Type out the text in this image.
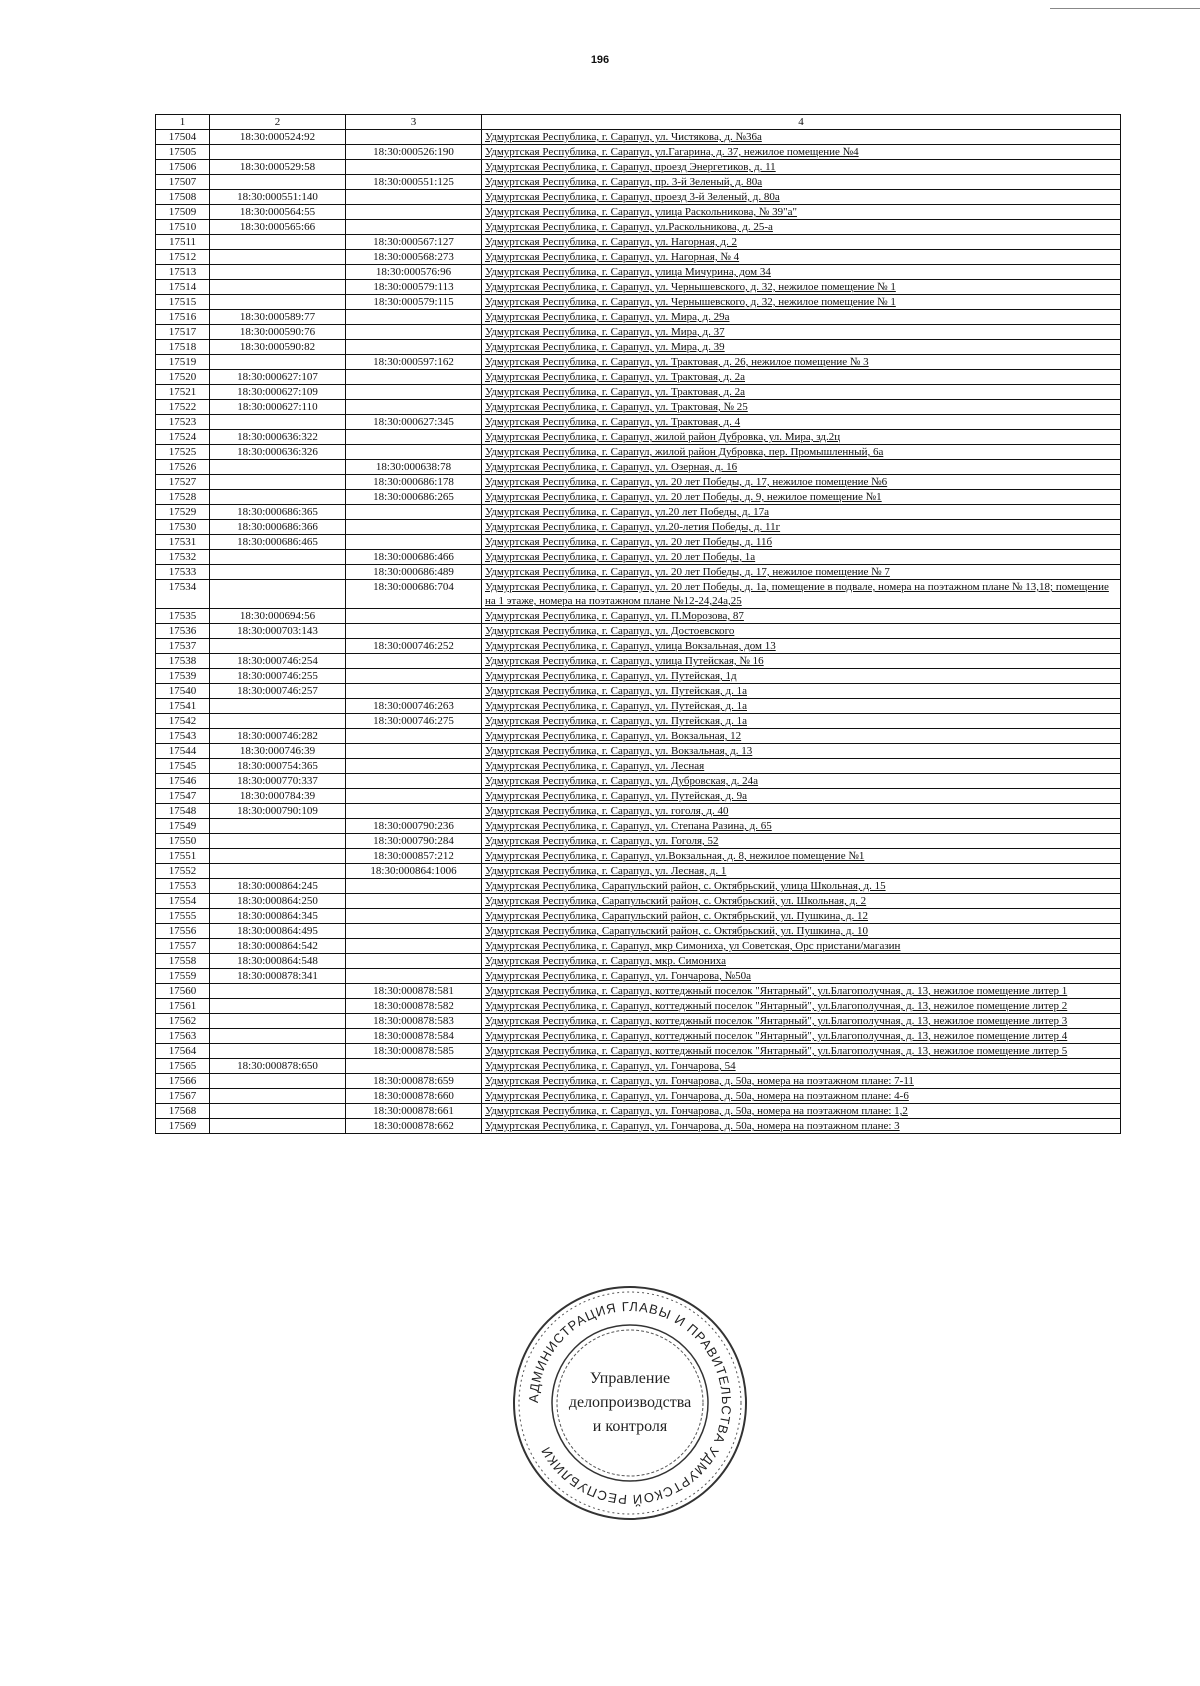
196
1	2	3	4
17504	18:30:000524:92		Удмуртская Республика, г. Сарапул, ул. Чистякова, д. №36а
17505		18:30:000526:190	Удмуртская Республика, г. Сарапул, ул.Гагарина, д. 37, нежилое помещение №4
17506	18:30:000529:58		Удмуртская Республика, г. Сарапул, проезд Энергетиков, д. 11
17507		18:30:000551:125	Удмуртская Республика, г. Сарапул, пр. 3-й Зеленый, д. 80а
17508	18:30:000551:140		Удмуртская Республика, г. Сарапул, проезд 3-й Зеленый, д. 80а
17509	18:30:000564:55		Удмуртская Республика, г. Сарапул, улица Раскольникова, № 39"а"
17510	18:30:000565:66		Удмуртская Республика, г. Сарапул, ул.Раскольникова, д. 25-а
17511		18:30:000567:127	Удмуртская Республика, г. Сарапул, ул. Нагорная, д. 2
17512		18:30:000568:273	Удмуртская Республика, г. Сарапул, ул. Нагорная, № 4
17513		18:30:000576:96	Удмуртская Республика, г. Сарапул, улица Мичурина, дом 34
17514		18:30:000579:113	Удмуртская Республика, г. Сарапул, ул. Чернышевского, д. 32, нежилое помещение № 1
17515		18:30:000579:115	Удмуртская Республика, г. Сарапул, ул. Чернышевского, д. 32, нежилое помещение № 1
17516	18:30:000589:77		Удмуртская Республика, г. Сарапул, ул. Мира, д. 29а
17517	18:30:000590:76		Удмуртская Республика, г. Сарапул, ул. Мира, д. 37
17518	18:30:000590:82		Удмуртская Республика, г. Сарапул, ул. Мира, д. 39
17519		18:30:000597:162	Удмуртская Республика, г. Сарапул, ул. Трактовая, д. 26, нежилое помещение № 3
17520	18:30:000627:107		Удмуртская Республика, г. Сарапул, ул. Трактовая, д. 2а
17521	18:30:000627:109		Удмуртская Республика, г. Сарапул, ул. Трактовая, д. 2а
17522	18:30:000627:110		Удмуртская Республика, г. Сарапул, ул. Трактовая, № 25
17523		18:30:000627:345	Удмуртская Республика, г. Сарапул, ул. Трактовая, д. 4
17524	18:30:000636:322		Удмуртская Республика, г. Сарапул, жилой район Дубровка, ул. Мира, зд.2ц
17525	18:30:000636:326		Удмуртская Республика, г. Сарапул, жилой район Дубровка, пер. Промышленный, 6а
17526		18:30:000638:78	Удмуртская Республика, г. Сарапул, ул. Озерная, д. 16
17527		18:30:000686:178	Удмуртская Республика, г. Сарапул, ул. 20 лет Победы, д. 17, нежилое помещение №6
17528		18:30:000686:265	Удмуртская Республика, г. Сарапул, ул. 20 лет Победы, д. 9, нежилое помещение №1
17529	18:30:000686:365		Удмуртская Республика, г. Сарапул, ул.20 лет Победы, д. 17а
17530	18:30:000686:366		Удмуртская Республика, г. Сарапул, ул.20-летия Победы, д. 11г
17531	18:30:000686:465		Удмуртская Республика, г. Сарапул, ул. 20 лет Победы, д. 11б
17532		18:30:000686:466	Удмуртская Республика, г. Сарапул, ул. 20 лет Победы, 1а
17533		18:30:000686:489	Удмуртская Республика, г. Сарапул, ул. 20 лет Победы, д. 17, нежилое помещение № 7
17534		18:30:000686:704	Удмуртская Республика, г. Сарапул, ул. 20 лет Победы, д. 1а, помещение в подвале, номера на поэтажном плане № 13,18; помещение на 1 этаже, номера на поэтажном плане №12-24,24а,25
17535	18:30:000694:56		Удмуртская Республика, г. Сарапул, ул. П.Морозова, 87
17536	18:30:000703:143		Удмуртская Республика, г. Сарапул, ул. Достоевского
17537		18:30:000746:252	Удмуртская Республика, г. Сарапул, улица Вокзальная, дом 13
17538	18:30:000746:254		Удмуртская Республика, г. Сарапул, улица Путейская, № 16
17539	18:30:000746:255		Удмуртская Республика, г. Сарапул, ул. Путейская, 1д
17540	18:30:000746:257		Удмуртская Республика, г. Сарапул, ул. Путейская, д. 1а
17541		18:30:000746:263	Удмуртская Республика, г. Сарапул, ул. Путейская, д. 1а
17542		18:30:000746:275	Удмуртская Республика, г. Сарапул, ул. Путейская, д. 1а
17543	18:30:000746:282		Удмуртская Республика, г. Сарапул, ул. Вокзальная, 12
17544	18:30:000746:39		Удмуртская Республика, г. Сарапул, ул. Вокзальная, д. 13
17545	18:30:000754:365		Удмуртская Республика, г. Сарапул, ул. Лесная
17546	18:30:000770:337		Удмуртская Республика, г. Сарапул, ул. Дубровская, д. 24а
17547	18:30:000784:39		Удмуртская Республика, г. Сарапул, ул. Путейская, д. 9а
17548	18:30:000790:109		Удмуртская Республика, г. Сарапул, ул. гоголя, д. 40
17549		18:30:000790:236	Удмуртская Республика, г. Сарапул, ул. Степана Разина, д. 65
17550		18:30:000790:284	Удмуртская Республика, г. Сарапул, ул. Гоголя, 52
17551		18:30:000857:212	Удмуртская Республика, г. Сарапул, ул.Вокзальная, д. 8, нежилое помещение №1
17552		18:30:000864:1006	Удмуртская Республика, г. Сарапул, ул. Лесная, д. 1
17553	18:30:000864:245		Удмуртская Республика, Сарапульский район, с. Октябрьский, улица Школьная, д. 15
17554	18:30:000864:250		Удмуртская Республика, Сарапульский район, с. Октябрьский, ул. Школьная, д. 2
17555	18:30:000864:345		Удмуртская Республика, Сарапульский район, с. Октябрьский, ул. Пушкина, д. 12
17556	18:30:000864:495		Удмуртская Республика, Сарапульский район, с. Октябрьский, ул. Пушкина, д. 10
17557	18:30:000864:542		Удмуртская Республика, г. Сарапул, мкр Симониха, ул Советская, Орс пристани/магазин
17558	18:30:000864:548		Удмуртская Республика, г. Сарапул, мкр. Симониха
17559	18:30:000878:341		Удмуртская Республика, г. Сарапул, ул. Гончарова, №50а
17560		18:30:000878:581	Удмуртская Республика, г. Сарапул, коттеджный поселок "Янтарный", ул.Благополучная, д. 13, нежилое помещение литер 1
17561		18:30:000878:582	Удмуртская Республика, г. Сарапул, коттеджный поселок "Янтарный", ул.Благополучная, д. 13, нежилое помещение литер 2
17562		18:30:000878:583	Удмуртская Республика, г. Сарапул, коттеджный поселок "Янтарный", ул.Благополучная, д. 13, нежилое помещение литер 3
17563		18:30:000878:584	Удмуртская Республика, г. Сарапул, коттеджный поселок "Янтарный", ул.Благополучная, д. 13, нежилое помещение литер 4
17564		18:30:000878:585	Удмуртская Республика, г. Сарапул, коттеджный поселок "Янтарный", ул.Благополучная, д. 13, нежилое помещение литер 5
17565	18:30:000878:650		Удмуртская Республика, г. Сарапул, ул. Гончарова, 54
17566		18:30:000878:659	Удмуртская Республика, г. Сарапул, ул. Гончарова, д. 50а, номера на поэтажном плане: 7-11
17567		18:30:000878:660	Удмуртская Республика, г. Сарапул, ул. Гончарова, д. 50а, номера на поэтажном плане: 4-6
17568		18:30:000878:661	Удмуртская Республика, г. Сарапул, ул. Гончарова, д. 50а, номера на поэтажном плане: 1,2
17569		18:30:000878:662	Удмуртская Республика, г. Сарапул, ул. Гончарова, д. 50а, номера на поэтажном плане: 3
АДМИНИСТРАЦИЯ ГЛАВЫ И ПРАВИТЕЛЬСТВА УДМУРТСКОЙ РЕСПУБЛИКИ
Управление
делопроизводства
и контроля
